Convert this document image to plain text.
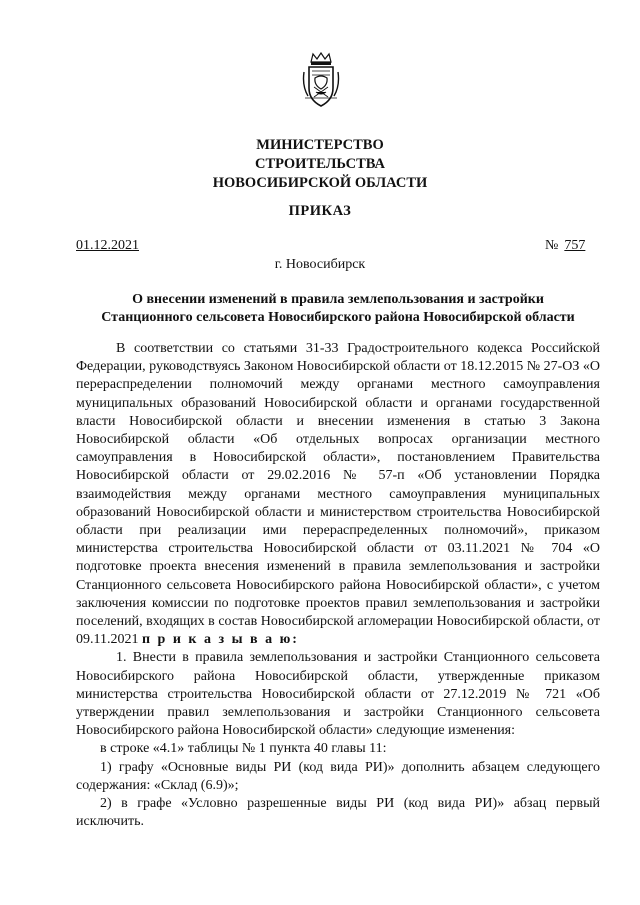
МИНИСТЕРСТВО
СТРОИТЕЛЬСТВА
НОВОСИБИРСКОЙ ОБЛАСТИ
ПРИКАЗ
01.12.2021	№ 757
г. Новосибирск
О внесении изменений в правила землепользования и застройки
Станционного сельсовета Новосибирского района Новосибирской области

В соответствии со статьями 31-33 Градостроительного кодекса Российской Федерации, руководствуясь Законом Новосибирской области от 18.12.2015 № 27-ОЗ «О перераспределении полномочий между органами местного самоуправления муниципальных образований Новосибирской области и органами государственной власти Новосибирской области и внесении изменения в статью 3 Закона Новосибирской области «Об отдельных вопросах организации местного самоуправления в Новосибирской области», постановлением Правительства Новосибирской области от 29.02.2016 № 57-п «Об установлении Порядка взаимодействия между органами местного самоуправления муниципальных образований Новосибирской области и министерством строительства Новосибирской области при реализации ими перераспределенных полномочий», приказом министерства строительства Новосибирской области от 03.11.2021 № 704 «О подготовке проекта внесения изменений в правила землепользования и застройки Станционного сельсовета Новосибирского района Новосибирской области», с учетом заключения комиссии по подготовке проектов правил землепользования и застройки поселений, входящих в состав Новосибирской агломерации Новосибирской области, от 09.11.2021 п р и к а з ы в а ю:

1. Внести в правила землепользования и застройки Станционного сельсовета Новосибирского района Новосибирской области, утвержденные приказом министерства строительства Новосибирской области от 27.12.2019 № 721 «Об утверждении правил землепользования и застройки Станционного сельсовета Новосибирского района Новосибирской области» следующие изменения:

в строке «4.1» таблицы № 1 пункта 40 главы 11:

1) графу «Основные виды РИ (код вида РИ)» дополнить абзацем следующего содержания: «Склад (6.9)»;

2) в графе «Условно разрешенные виды РИ (код вида РИ)» абзац первый исключить.
